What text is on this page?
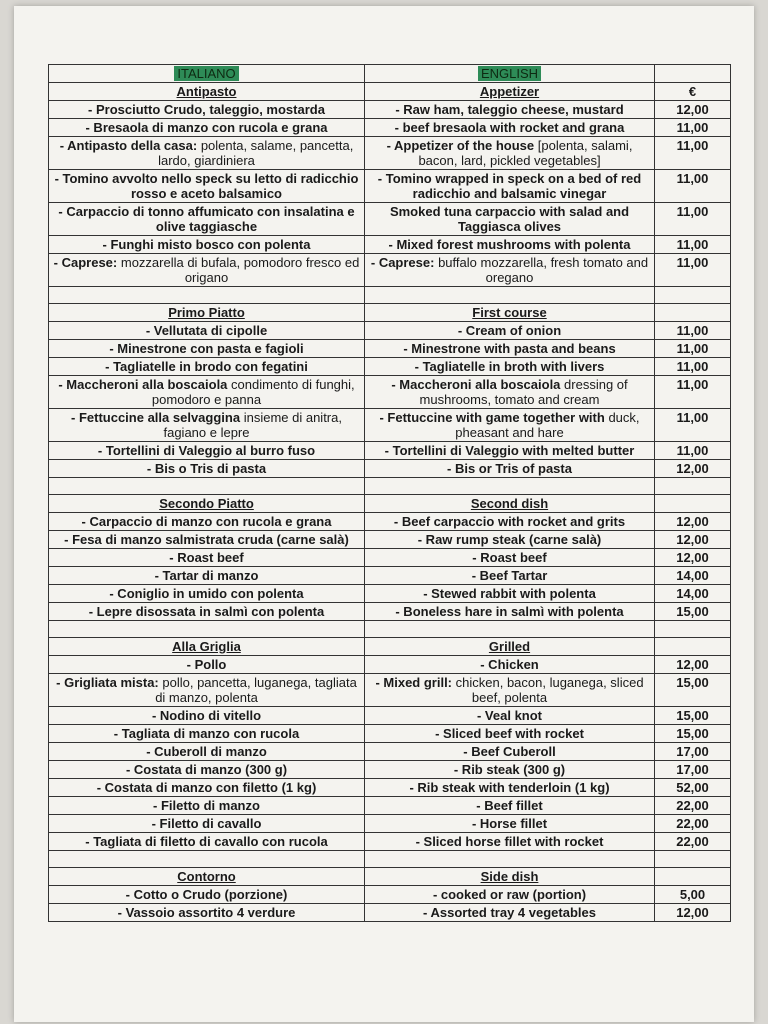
ITALIANO	ENGLISH	
Antipasto	Appetizer	€
- Prosciutto Crudo, taleggio, mostarda	- Raw ham, taleggio cheese, mustard	12,00
- Bresaola di manzo con rucola e grana	- beef bresaola with rocket and grana	11,00
- Antipasto della casa: polenta, salame, pancetta, lardo, giardiniera	- Appetizer of the house [polenta, salami, bacon, lard, pickled vegetables]	11,00
- Tomino avvolto nello speck su letto di radicchio rosso e aceto balsamico	- Tomino wrapped in speck on a bed of red radicchio and balsamic vinegar	11,00
- Carpaccio di tonno affumicato con insalatina e olive taggiasche	Smoked tuna carpaccio with salad and Taggiasca olives	11,00
- Funghi misto bosco con polenta	- Mixed forest mushrooms with polenta	11,00
- Caprese: mozzarella di bufala, pomodoro fresco ed origano	- Caprese: buffalo mozzarella, fresh tomato and oregano	11,00

Primo Piatto	First course	
- Vellutata di cipolle	- Cream of onion	11,00
- Minestrone con pasta e fagioli	- Minestrone with pasta and beans	11,00
- Tagliatelle in brodo con fegatini	- Tagliatelle in broth with livers	11,00
- Maccheroni alla boscaiola condimento di funghi, pomodoro e panna	- Maccheroni alla boscaiola dressing of mushrooms, tomato and cream	11,00
- Fettuccine alla selvaggina insieme di anitra, fagiano e lepre	- Fettuccine with game together with duck, pheasant and hare	11,00
- Tortellini di Valeggio al burro fuso	- Tortellini di Valeggio with melted butter	11,00
- Bis o Tris di pasta	- Bis or Tris of pasta	12,00

Secondo Piatto	Second dish	
- Carpaccio di manzo con rucola e grana	- Beef carpaccio with rocket and grits	12,00
- Fesa di manzo salmistrata cruda (carne salà)	- Raw rump steak (carne salà)	12,00
- Roast beef	- Roast beef	12,00
- Tartar di manzo	- Beef Tartar	14,00
- Coniglio in umido con polenta	- Stewed rabbit with polenta	14,00
- Lepre disossata in salmì con polenta	- Boneless hare in salmì with polenta	15,00

Alla Griglia	Grilled	
- Pollo	- Chicken	12,00
- Grigliata mista: pollo, pancetta, luganega, tagliata di manzo, polenta	- Mixed grill: chicken, bacon, luganega, sliced beef, polenta	15,00
- Nodino di vitello	- Veal knot	15,00
- Tagliata di manzo con rucola	- Sliced beef with rocket	15,00
- Cuberoll di manzo	- Beef Cuberoll	17,00
- Costata di manzo (300 g)	- Rib steak (300 g)	17,00
- Costata di manzo con filetto (1 kg)	- Rib steak with tenderloin (1 kg)	52,00
- Filetto di manzo	- Beef fillet	22,00
- Filetto di cavallo	- Horse fillet	22,00
- Tagliata di filetto di cavallo con rucola	- Sliced horse fillet with rocket	22,00

Contorno	Side dish	
- Cotto o Crudo (porzione)	- cooked or raw (portion)	5,00
- Vassoio assortito 4 verdure	- Assorted tray 4 vegetables	12,00
